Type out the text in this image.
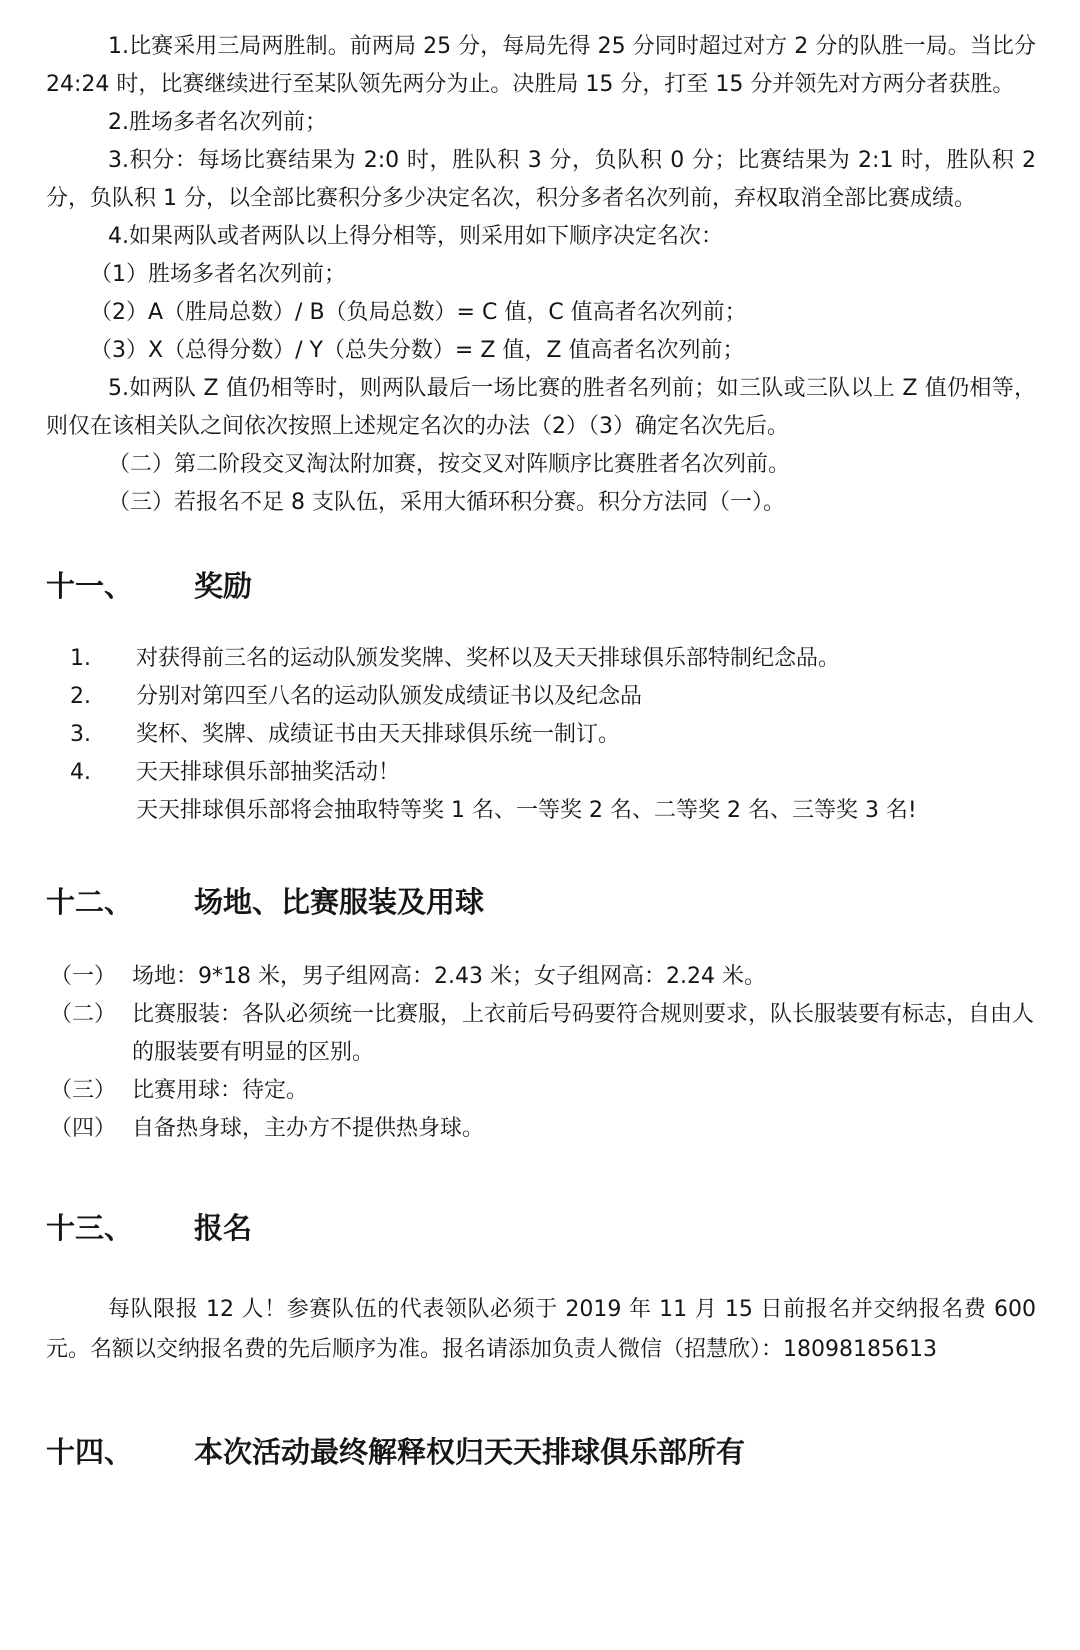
1.比赛采用三局两胜制。前两局 25 分，每局先得 25 分同时超过对方 2 分的队胜一局。当比分 24:24 时，比赛继续进行至某队领先两分为止。决胜局 15 分，打至 15 分并领先对方两分者获胜。

2.胜场多者名次列前；

3.积分：每场比赛结果为 2:0 时，胜队积 3 分，负队积 0 分；比赛结果为 2:1 时，胜队积 2 分，负队积 1 分，以全部比赛积分多少决定名次，积分多者名次列前，弃权取消全部比赛成绩。

4.如果两队或者两队以上得分相等，则采用如下顺序决定名次：

（1）胜场多者名次列前；

（2）A（胜局总数）/ B（负局总数）= C 值，C 值高者名次列前；

（3）X（总得分数）/ Y（总失分数）= Z 值，Z 值高者名次列前；

5.如两队 Z 值仍相等时，则两队最后一场比赛的胜者名列前；如三队或三队以上 Z 值仍相等，则仅在该相关队之间依次按照上述规定名次的办法（2）（3）确定名次先后。

（二）第二阶段交叉淘汰附加赛，按交叉对阵顺序比赛胜者名次列前。

（三）若报名不足 8 支队伍，采用大循环积分赛。积分方法同（一）。

十一、	奖励
1.	对获得前三名的运动队颁发奖牌、奖杯以及天天排球俱乐部特制纪念品。
2.	分别对第四至八名的运动队颁发成绩证书以及纪念品
3.	奖杯、奖牌、成绩证书由天天排球俱乐统一制订。
4.	天天排球俱乐部抽奖活动！
天天排球俱乐部将会抽取特等奖 1 名、一等奖 2 名、二等奖 2 名、三等奖 3 名!
十二、	场地、比赛服装及用球
（一） 场地：9*18 米，男子组网高：2.43 米；女子组网高：2.24 米。
（二） 比赛服装：各队必须统一比赛服，上衣前后号码要符合规则要求，队长服装要有标志，自由人的服装要有明显的区别。
（三） 比赛用球：待定。
（四） 自备热身球，主办方不提供热身球。
十三、	报名

每队限报 12 人！参赛队伍的代表领队必须于 2019 年 11 月 15 日前报名并交纳报名费 600 元。名额以交纳报名费的先后顺序为准。报名请添加负责人微信（招慧欣）：18098185613

十四、	本次活动最终解释权归天天排球俱乐部所有
